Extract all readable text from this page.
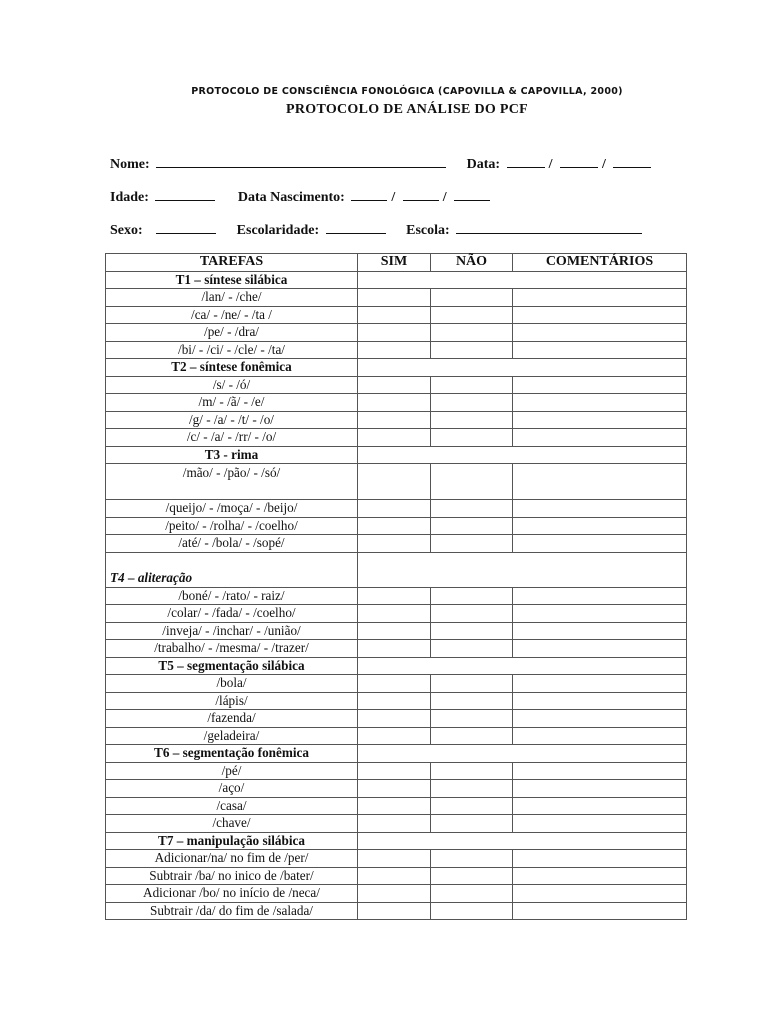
PROTOCOLO DE CONSCIÊNCIA FONOLÓGICA (CAPOVILLA & CAPOVILLA, 2000)
PROTOCOLO DE ANÁLISE DO PCF
Nome:	Data:	/	/
Idade:	Data Nascimento:	/	/
Sexo:	Escolaridade:	Escola:
TAREFAS	SIM	NÃO	COMENTÁRIOS
T1 – síntese silábica			
/lan/ - /che/			
/ca/ - /ne/ - /ta /			
/pe/ - /dra/			
/bi/ - /ci/ - /cle/ - /ta/			
T2 – síntese fonêmica			
/s/ - /ó/			
/m/ - /ã/ - /e/			
/g/ - /a/ - /t/ - /o/			
/c/ - /a/ - /rr/ - /o/			
T3 - rima			
/mão/ - /pão/ - /só/			
/queijo/ - /moça/ - /beijo/			
/peito/ - /rolha/ - /coelho/			
/até/ - /bola/ - /sopé/			
T4 – aliteração			
/boné/ - /rato/ - raiz/			
/colar/ - /fada/ - /coelho/			
/inveja/ - /inchar/ - /união/			
/trabalho/ - /mesma/ - /trazer/			
T5 – segmentação silábica			
/bola/			
/lápis/			
/fazenda/			
/geladeira/			
T6 – segmentação fonêmica			
/pé/			
/aço/			
/casa/			
/chave/			
T7 – manipulação silábica			
Adicionar/na/ no fim de /per/			
Subtrair /ba/ no inico de /bater/			
Adicionar /bo/ no início de /neca/			
Subtrair /da/ do fim de /salada/			
